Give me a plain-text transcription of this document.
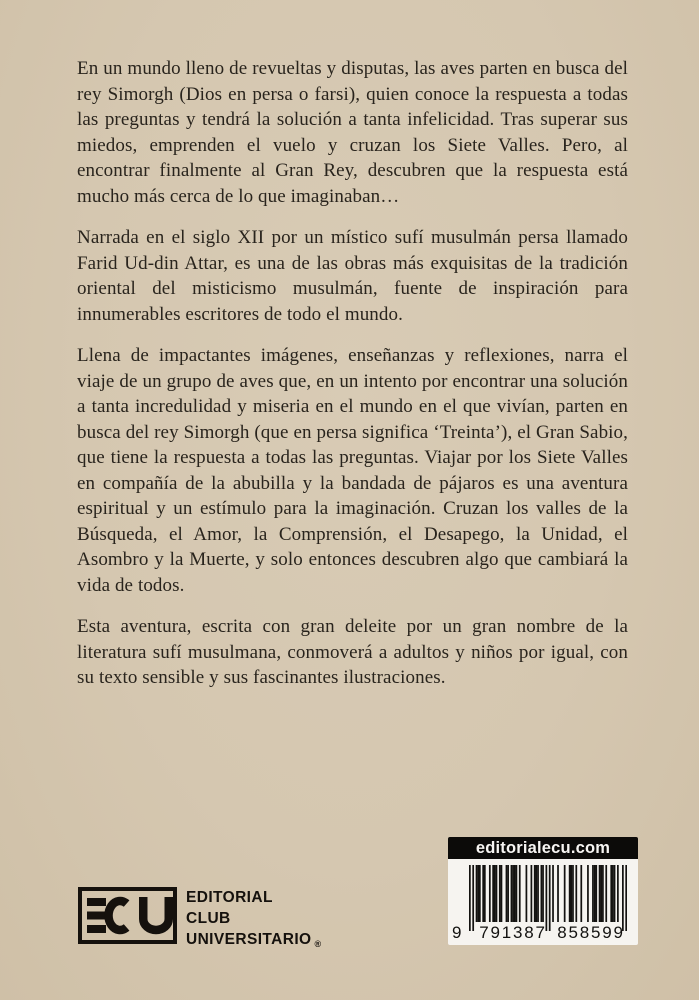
En un mundo lleno de revueltas y disputas, las aves parten en busca del rey Simorgh (Dios en persa o farsi), quien conoce la respuesta a todas las preguntas y tendrá la solución a tanta infelicidad. Tras superar sus miedos, emprenden el vuelo y cruzan los Siete Valles. Pero, al encontrar finalmente al Gran Rey, descubren que la respuesta está mucho más cerca de lo que imaginaban…

Narrada en el siglo XII por un místico sufí musulmán persa llamado Farid Ud-din Attar, es una de las obras más exquisitas de la tradición oriental del misticismo musulmán, fuente de inspiración para innumerables escritores de todo el mundo.

Llena de impactantes imágenes, enseñanzas y reflexiones, narra el viaje de un grupo de aves que, en un intento por encontrar una solución a tanta incredulidad y miseria en el mundo en el que vivían, parten en busca del rey Simorgh (que en persa significa ‘Treinta’), el Gran Sabio, que tiene la respuesta a todas las preguntas. Viajar por los Siete Valles en compañía de la abubilla y la bandada de pájaros es una aventura espiritual y un estímulo para la imaginación. Cruzan los valles de la Búsqueda, el Amor, la Comprensión, el Desapego, la Unidad, el Asombro y la Muerte, y solo entonces descubren algo que cambiará la vida de todos.

Esta aventura, escrita con gran deleite por un gran nombre de la literatura sufí musulmana, conmoverá a adultos y niños por igual, con su texto sensible y sus fascinantes ilustraciones.

EDITORIAL
CLUB
UNIVERSITARIO ®
editorialecu.com
9 791387 858599
